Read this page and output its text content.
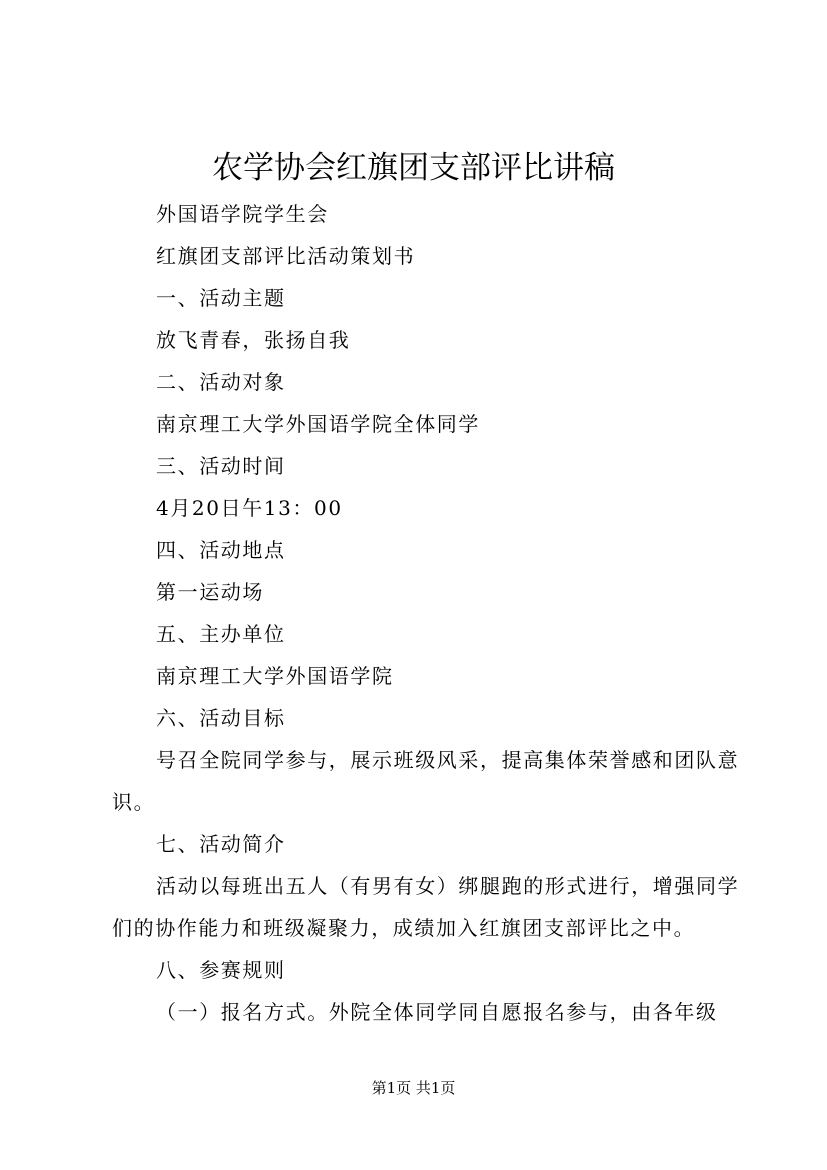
农学协会红旗团支部评比讲稿

外国语学院学生会

红旗团支部评比活动策划书

一、活动主题

放飞青春，张扬自我

二、活动对象

南京理工大学外国语学院全体同学

三、活动时间

4月20日午13：00

四、活动地点

第一运动场

五、主办单位

南京理工大学外国语学院

六、活动目标

号召全院同学参与，展示班级风采，提高集体荣誉感和团队意识。

七、活动简介

活动以每班出五人（有男有女）绑腿跑的形式进行，增强同学们的协作能力和班级凝聚力，成绩加入红旗团支部评比之中。

八、参赛规则

（一）报名方式。外院全体同学同自愿报名参与，由各年级

第1页 共1页
